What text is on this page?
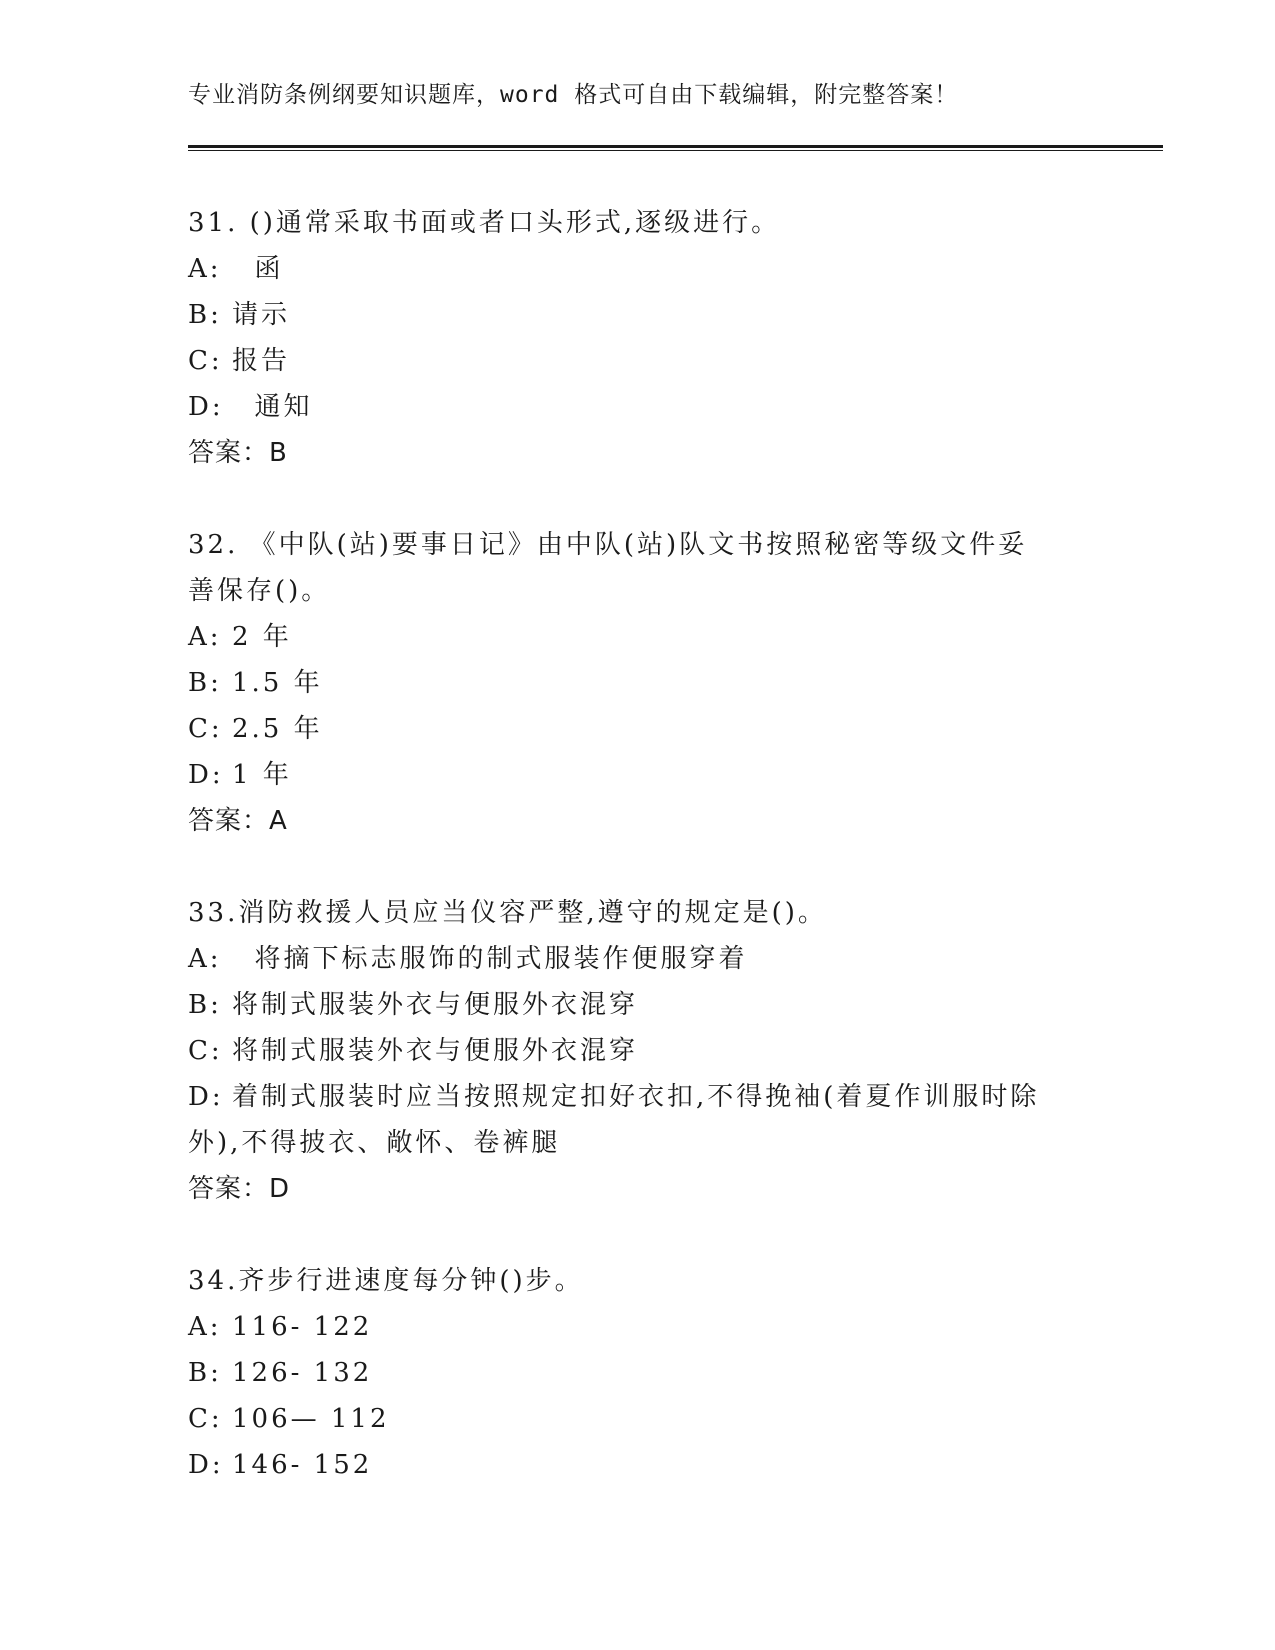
专业消防条例纲要知识题库，word 格式可自由下载编辑，附完整答案！
31. ()通常采取书面或者口头形式,逐级进行。
A:  函
B: 请示
C: 报告
D:  通知
答案：B
32. 《中队(站)要事日记》由中队(站)队文书按照秘密等级文件妥善保存()。
A: 2 年
B: 1.5 年
C: 2.5 年
D: 1 年
答案：A
33.消防救援人员应当仪容严整,遵守的规定是()。
A:  将摘下标志服饰的制式服装作便服穿着
B: 将制式服装外衣与便服外衣混穿
C: 将制式服装外衣与便服外衣混穿
D: 着制式服装时应当按照规定扣好衣扣,不得挽袖(着夏作训服时除外),不得披衣、敞怀、卷裤腿
答案：D
34.齐步行进速度每分钟()步。
A: 116- 122
B: 126- 132
C: 106— 112
D: 146- 152
